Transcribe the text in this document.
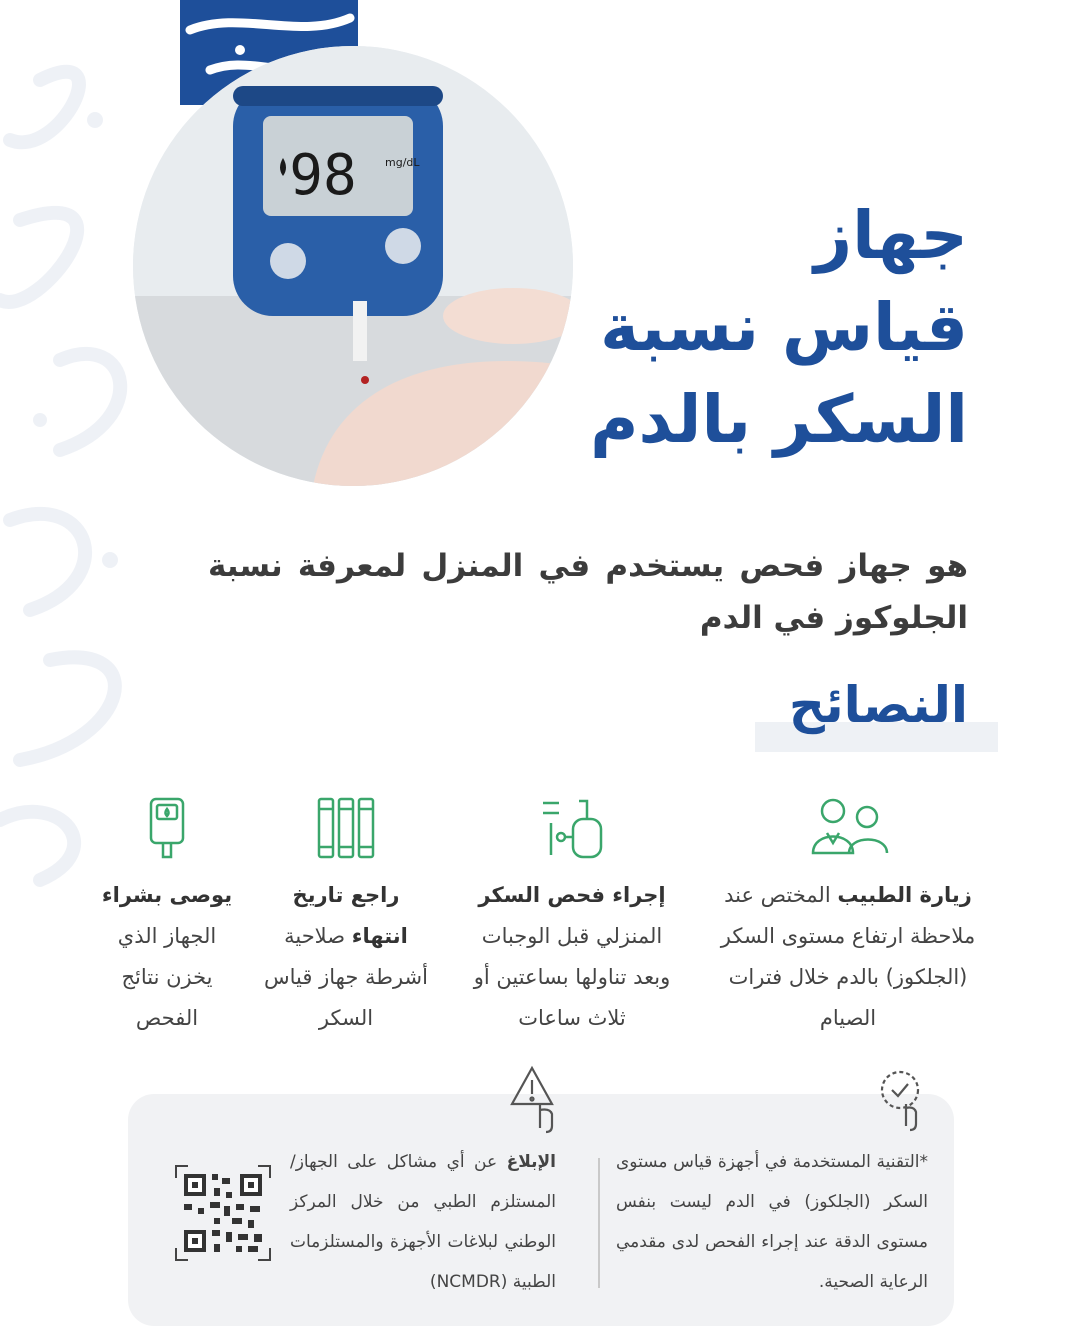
98	mg/dL
جهاز
قياس نسبة
السكر بالدم
هو جهاز فحص يستخدم في المنزل لمعرفة نسبة الجلوكوز في الدم
النصائح
زيارة الطبيب المختص عند ملاحظة ارتفاع مستوى السكر (الجلكوز) بالدم خلال فترات الصيام
إجراء فحص السكر المنزلي قبل الوجبات وبعد تناولها بساعتين أو ثلاث ساعات
راجع تاريخ انتهاء صلاحية أشرطة جهاز قياس السكر
يوصى بشراء الجهاز الذي يخزن نتائج الفحص
*التقنية المستخدمة في أجهزة قياس مستوى السكر (الجلكوز) في الدم ليست بنفس مستوى الدقة عند إجراء الفحص لدى مقدمي الرعاية الصحية.
الإبلاغ عن أي مشاكل على الجهاز/ المستلزم الطبي من خلال المركز الوطني لبلاغات الأجهزة والمستلزمات الطبية (NCMDR)
